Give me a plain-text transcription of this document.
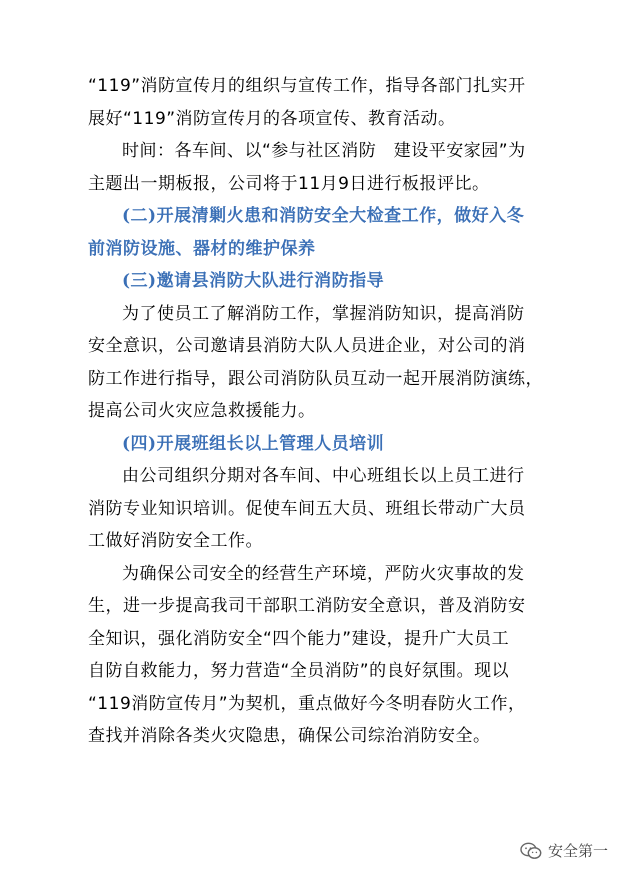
“119”消防宣传月的组织与宣传工作，指导各部门扎实开
展好“119”消防宣传月的各项宣传、教育活动。
时间：各车间、以“参与社区消防　建设平安家园”为
主题出一期板报，公司将于11月9日进行板报评比。
(二)开展清剿火患和消防安全大检查工作，做好入冬
前消防设施、器材的维护保养
(三)邀请县消防大队进行消防指导
为了使员工了解消防工作，掌握消防知识，提高消防
安全意识，公司邀请县消防大队人员进企业，对公司的消
防工作进行指导，跟公司消防队员互动一起开展消防演练，
提高公司火灾应急救援能力。
(四)开展班组长以上管理人员培训
由公司组织分期对各车间、中心班组长以上员工进行
消防专业知识培训。促使车间五大员、班组长带动广大员
工做好消防安全工作。
为确保公司安全的经营生产环境，严防火灾事故的发
生，进一步提高我司干部职工消防安全意识，普及消防安
全知识，强化消防安全“四个能力”建设，提升广大员工
自防自救能力，努力营造“全员消防”的良好氛围。现以
“119消防宣传月”为契机，重点做好今冬明春防火工作，
查找并消除各类火灾隐患，确保公司综治消防安全。
安全第一
